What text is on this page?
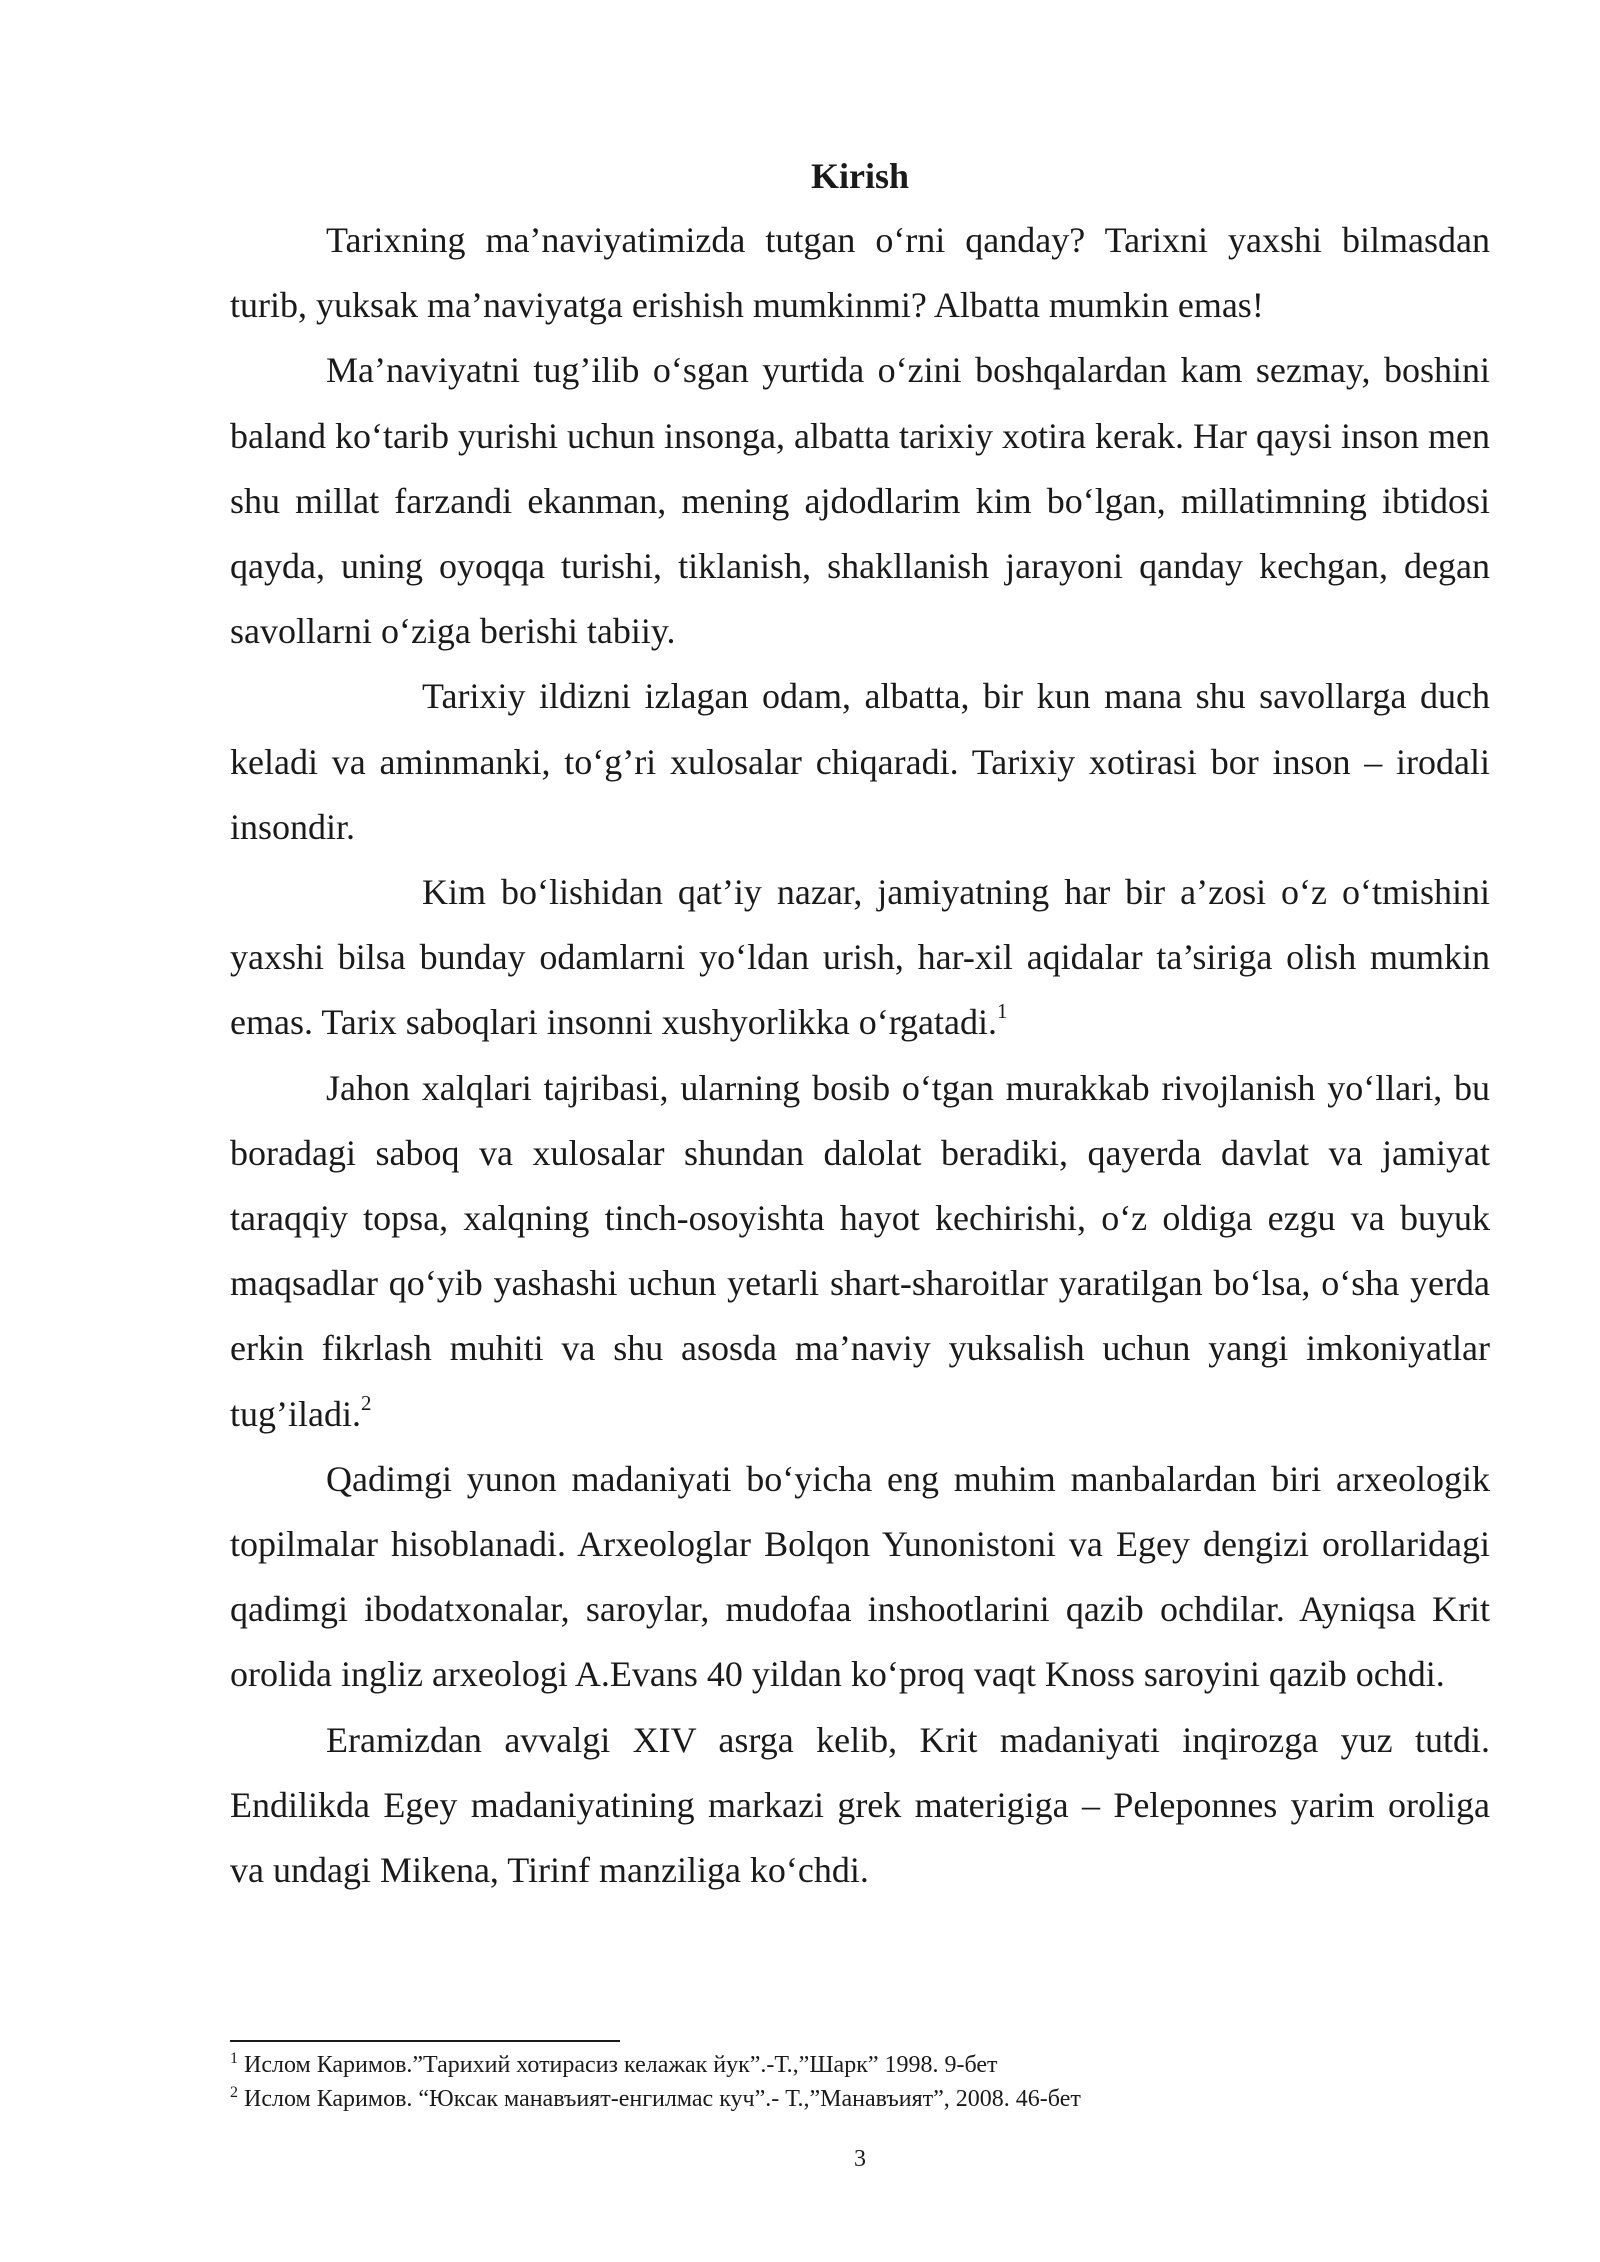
Kirish

Tarixning ma’naviyatimizda tutgan o‘rni qanday? Tarixni yaxshi bilmasdan turib, yuksak ma’naviyatga erishish mumkinmi? Albatta mumkin emas!

Ma’naviyatni tug’ilib o‘sgan yurtida o‘zini boshqalardan kam sezmay, boshini baland ko‘tarib yurishi uchun insonga, albatta tarixiy xotira kerak. Har qaysi inson men shu millat farzandi ekanman, mening ajdodlarim kim bo‘lgan, millatimning ibtidosi qayda, uning oyoqqa turishi, tiklanish, shakllanish jarayoni qanday kechgan, degan savollarni o‘ziga berishi tabiiy.

Tarixiy ildizni izlagan odam, albatta, bir kun mana shu savollarga duch keladi va aminmanki, to‘g’ri xulosalar chiqaradi. Tarixiy xotirasi bor inson – irodali insondir.

Kim bo‘lishidan qat’iy nazar, jamiyatning har bir a’zosi o‘z o‘tmishini yaxshi bilsa bunday odamlarni yo‘ldan urish, har-xil aqidalar ta’siriga olish mumkin emas. Tarix saboqlari insonni xushyorlikka o‘rgatadi.$^1$

Jahon xalqlari tajribasi, ularning bosib o‘tgan murakkab rivojlanish yo‘llari, bu boradagi saboq va xulosalar shundan dalolat beradiki, qayerda davlat va jamiyat taraqqiy topsa, xalqning tinch-osoyishta hayot kechirishi, o‘z oldiga ezgu va buyuk maqsadlar qo‘yib yashashi uchun yetarli shart-sharoitlar yaratilgan bo‘lsa, o‘sha yerda erkin fikrlash muhiti va shu asosda ma’naviy yuksalish uchun yangi imkoniyatlar tug’iladi.$^2$

Qadimgi yunon madaniyati bo‘yicha eng muhim manbalardan biri arxeologik topilmalar hisoblanadi. Arxeologlar Bolqon Yunonistoni va Egey dengizi orollaridagi qadimgi ibodatxonalar, saroylar, mudofaa inshootlarini qazib ochdilar. Ayniqsa Krit orolida ingliz arxeologi A.Evans 40 yildan ko‘proq vaqt Knoss saroyini qazib ochdi.

Eramizdan avvalgi XIV asrga kelib, Krit madaniyati inqirozga yuz tutdi. Endilikda Egey madaniyatining markazi grek materigiga – Peleponnes yarim oroliga va undagi Mikena, Tirinf manziliga ko‘chdi.

$^1$ Ислом Каримов.”Тарихий хотирасиз келажак йук”.-Т.,”Шарк” 1998. 9-бет

$^2$ Ислом Каримов. “Юксак манавъият-енгилмас куч”.- Т.,”Манавъият”, 2008. 46-бет

3
